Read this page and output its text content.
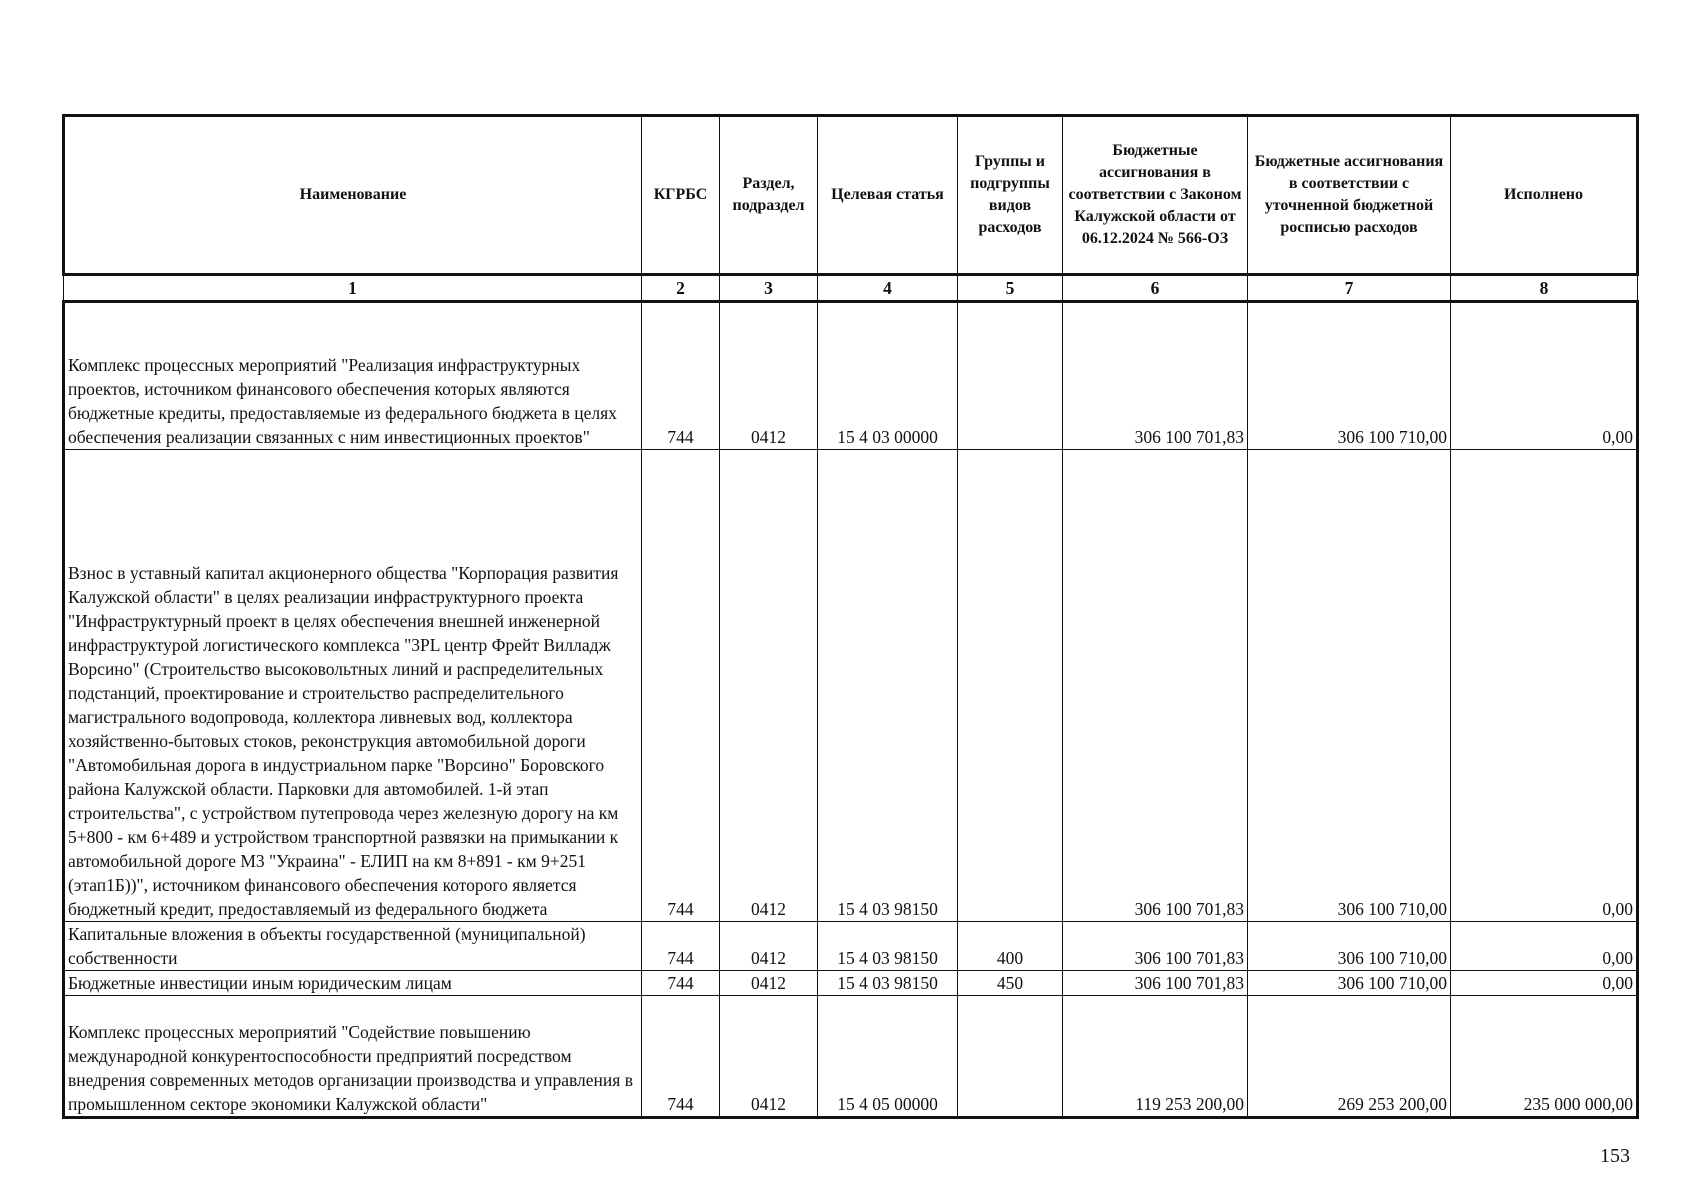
Наименование	КГРБС	Раздел, подраздел	Целевая статья	Группы и подгруппы видов расходов	Бюджетные ассигнования в соответствии с Законом Калужской области от 06.12.2024 № 566-ОЗ	Бюджетные ассигнования в соответствии с уточненной бюджетной росписью расходов	Исполнено
1	2	3	4	5	6	7	8
Комплекс процессных мероприятий "Реализация инфраструктурных проектов, источником финансового обеспечения которых являются бюджетные кредиты, предоставляемые из федерального бюджета в целях обеспечения реализации связанных с ним инвестиционных проектов"	744	0412	15 4 03 00000		306 100 701,83	306 100 710,00	0,00
Взнос в уставный капитал акционерного общества "Корпорация развития Калужской области" в целях реализации инфраструктурного проекта "Инфраструктурный проект в целях обеспечения внешней инженерной инфраструктурой логистического комплекса "3PL центр Фрейт Вилладж Ворсино" (Строительство высоковольтных линий и распределительных подстанций, проектирование и строительство распределительного магистрального водопровода, коллектора ливневых вод, коллектора хозяйственно-бытовых стоков, реконструкция автомобильной дороги "Автомобильная дорога в индустриальном парке "Ворсино" Боровского района Калужской области. Парковки для автомобилей. 1-й этап строительства", с устройством путепровода через железную дорогу на км 5+800 - км 6+489 и устройством транспортной развязки на примыкании к автомобильной дороге М3 "Украина" - ЕЛИП на км 8+891 - км 9+251 (этап1Б))", источником финансового обеспечения которого является бюджетный кредит, предоставляемый из федерального бюджета	744	0412	15 4 03 98150		306 100 701,83	306 100 710,00	0,00
Капитальные вложения в объекты государственной (муниципальной) собственности	744	0412	15 4 03 98150	400	306 100 701,83	306 100 710,00	0,00
Бюджетные инвестиции иным юридическим лицам	744	0412	15 4 03 98150	450	306 100 701,83	306 100 710,00	0,00
Комплекс процессных мероприятий "Содействие повышению международной конкурентоспособности предприятий посредством внедрения современных методов организации производства и управления в промышленном секторе экономики Калужской области"	744	0412	15 4 05 00000		119 253 200,00	269 253 200,00	235 000 000,00
153
